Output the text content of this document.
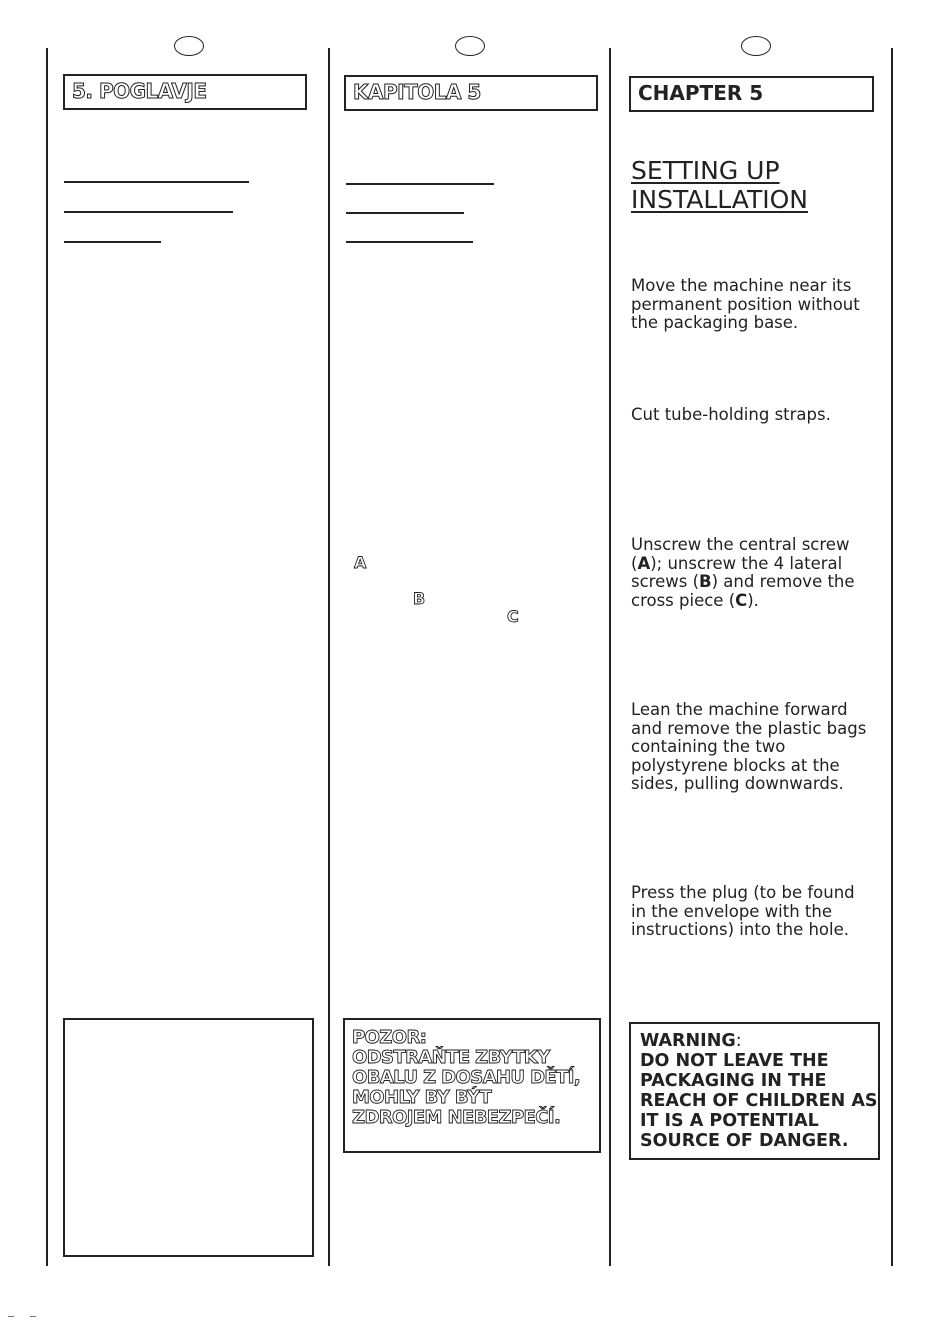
5. POGLAVJE	KAPITOLA 5
A
B
C
POZOR:
ODSTRAŇTE ZBYTKY
OBALU Z DOSAHU DĚTÍ,
MOHLY BY BÝT
ZDROJEM NEBEZPEČÍ.
CHAPTER 5
SETTING UP
INSTALLATION
Move the machine near its permanent position without the packaging base.
Cut tube-holding straps.
Unscrew the central screw (A); unscrew the 4 lateral screws (B) and remove the cross piece (C).
Lean the machine forward and remove the plastic bags containing the two polystyrene blocks at the sides, pulling downwards.
Press the plug (to be found in the envelope with the instructions) into the hole.
WARNING:
DO NOT LEAVE THE
PACKAGING IN THE
REACH OF CHILDREN AS
IT IS A POTENTIAL
SOURCE OF DANGER.
